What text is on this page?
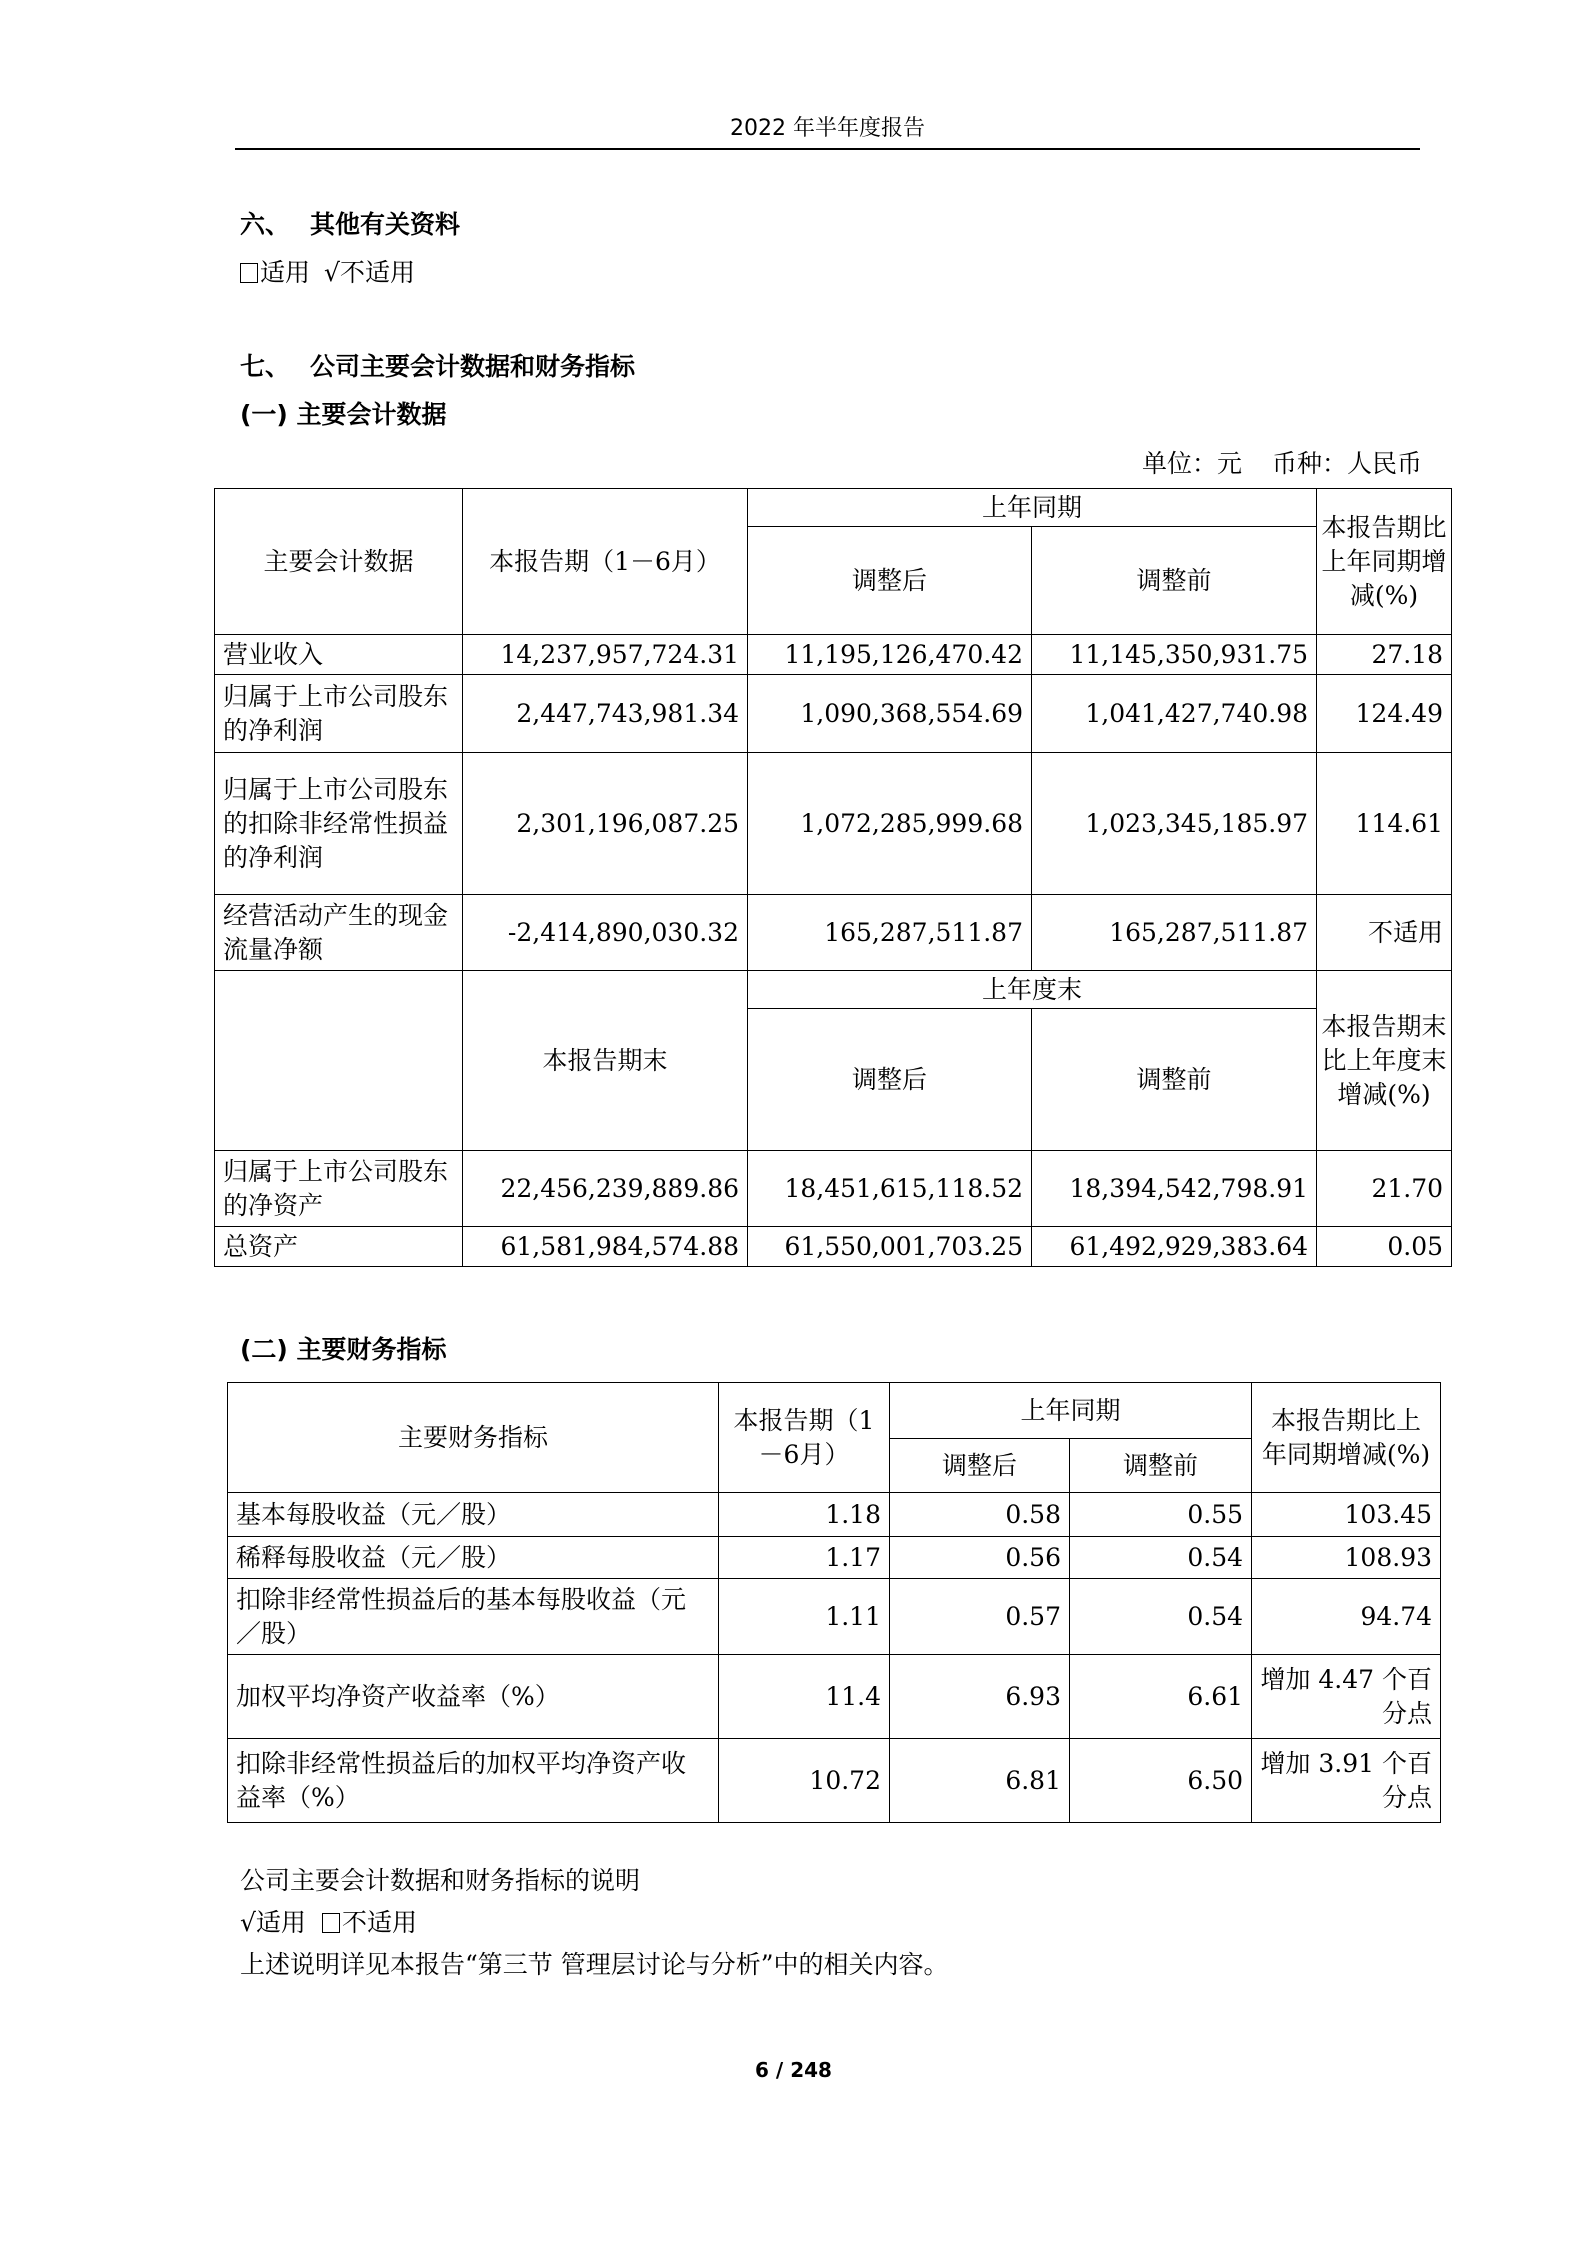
2022 年半年度报告
六、 其他有关资料
适用 √不适用
七、 公司主要会计数据和财务指标
(一) 主要会计数据
单位：元 币种：人民币
主要会计数据	本报告期（1－6月）	上年同期		本报告期比上年同期增减(%)
		调整后	调整前	
营业收入	14,237,957,724.31	11,195,126,470.42	11,145,350,931.75	27.18
归属于上市公司股东的净利润	2,447,743,981.34	1,090,368,554.69	1,041,427,740.98	124.49
归属于上市公司股东的扣除非经常性损益的净利润	2,301,196,087.25	1,072,285,999.68	1,023,345,185.97	114.61
经营活动产生的现金流量净额	-2,414,890,030.32	165,287,511.87	165,287,511.87	不适用
	本报告期末	上年度末		本报告期末比上年度末增减(%)
		调整后	调整前	
归属于上市公司股东的净资产	22,456,239,889.86	18,451,615,118.52	18,394,542,798.91	21.70
总资产	61,581,984,574.88	61,550,001,703.25	61,492,929,383.64	0.05
(二) 主要财务指标
主要财务指标	本报告期（1－6月）	上年同期		本报告期比上年同期增减(%)
		调整后	调整前	
基本每股收益（元／股）	1.18	0.58	0.55	103.45
稀释每股收益（元／股）	1.17	0.56	0.54	108.93
扣除非经常性损益后的基本每股收益（元／股）	1.11	0.57	0.54	94.74
加权平均净资产收益率（%）	11.4	6.93	6.61	增加 4.47 个百分点
扣除非经常性损益后的加权平均净资产收益率（%）	10.72	6.81	6.50	增加 3.91 个百分点
公司主要会计数据和财务指标的说明
√适用 不适用
上述说明详见本报告“第三节 管理层讨论与分析”中的相关内容。
6 / 248
